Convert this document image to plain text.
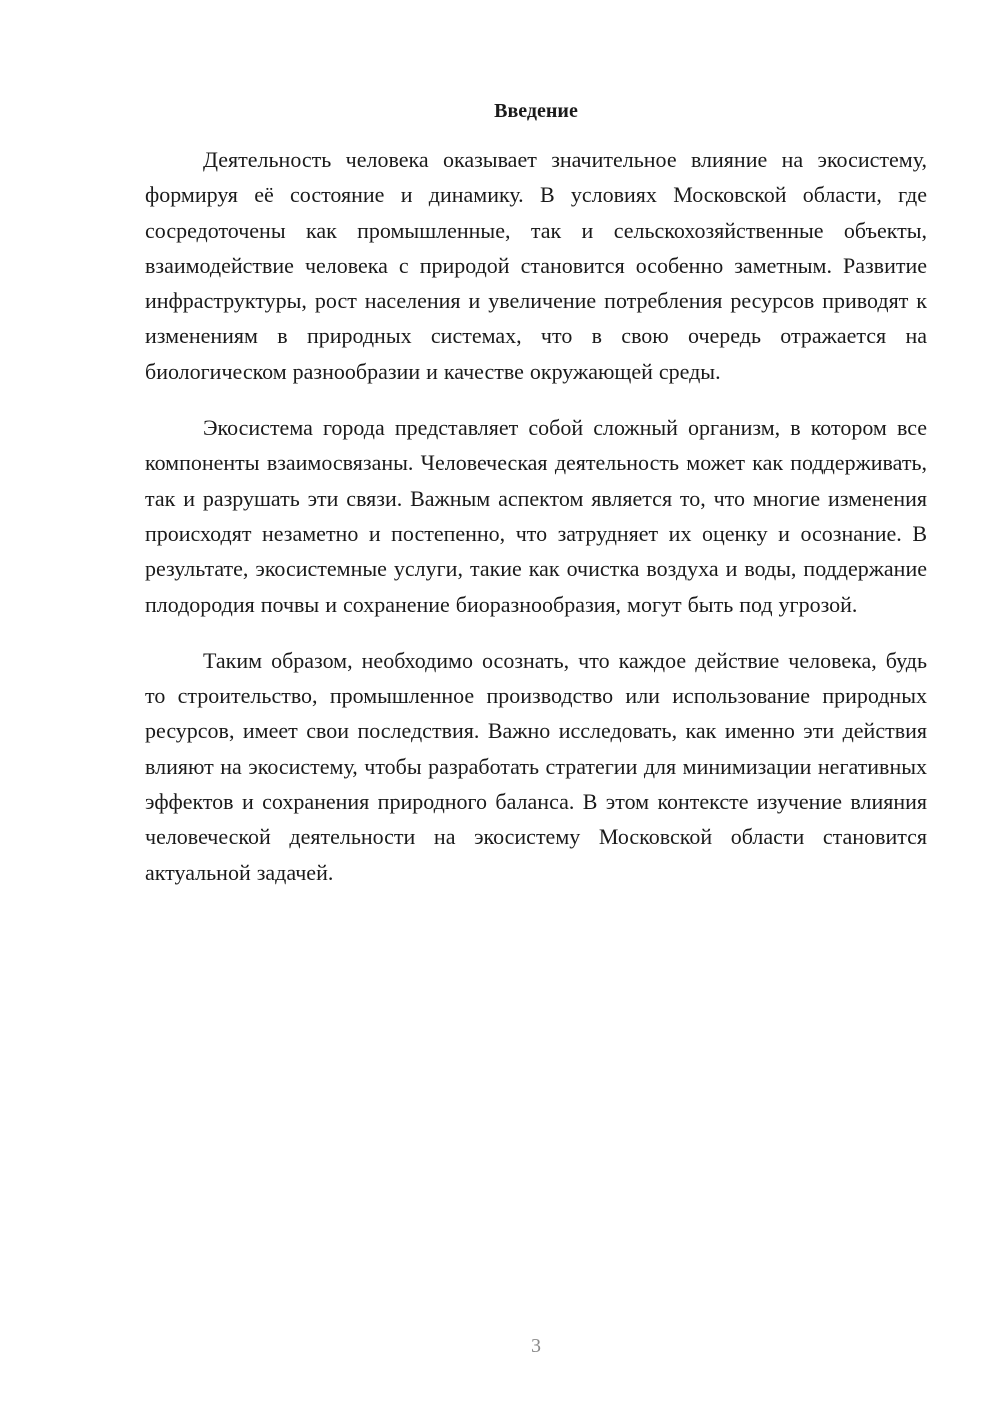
Введение

Деятельность человека оказывает значительное влияние на экосистему, формируя её состояние и динамику. В условиях Московской области, где сосредоточены как промышленные, так и сельскохозяйственные объекты, взаимодействие человека с природой становится особенно заметным. Развитие инфраструктуры, рост населения и увеличение потребления ресурсов приводят к изменениям в природных системах, что в свою очередь отражается на биологическом разнообразии и качестве окружающей среды.

Экосистема города представляет собой сложный организм, в котором все компоненты взаимосвязаны. Человеческая деятельность может как поддерживать, так и разрушать эти связи. Важным аспектом является то, что многие изменения происходят незаметно и постепенно, что затрудняет их оценку и осознание. В результате, экосистемные услуги, такие как очистка воздуха и воды, поддержание плодородия почвы и сохранение биоразнообразия, могут быть под угрозой.

Таким образом, необходимо осознать, что каждое действие человека, будь то строительство, промышленное производство или использование природных ресурсов, имеет свои последствия. Важно исследовать, как именно эти действия влияют на экосистему, чтобы разработать стратегии для минимизации негативных эффектов и сохранения природного баланса. В этом контексте изучение влияния человеческой деятельности на экосистему Московской области становится актуальной задачей.

3
